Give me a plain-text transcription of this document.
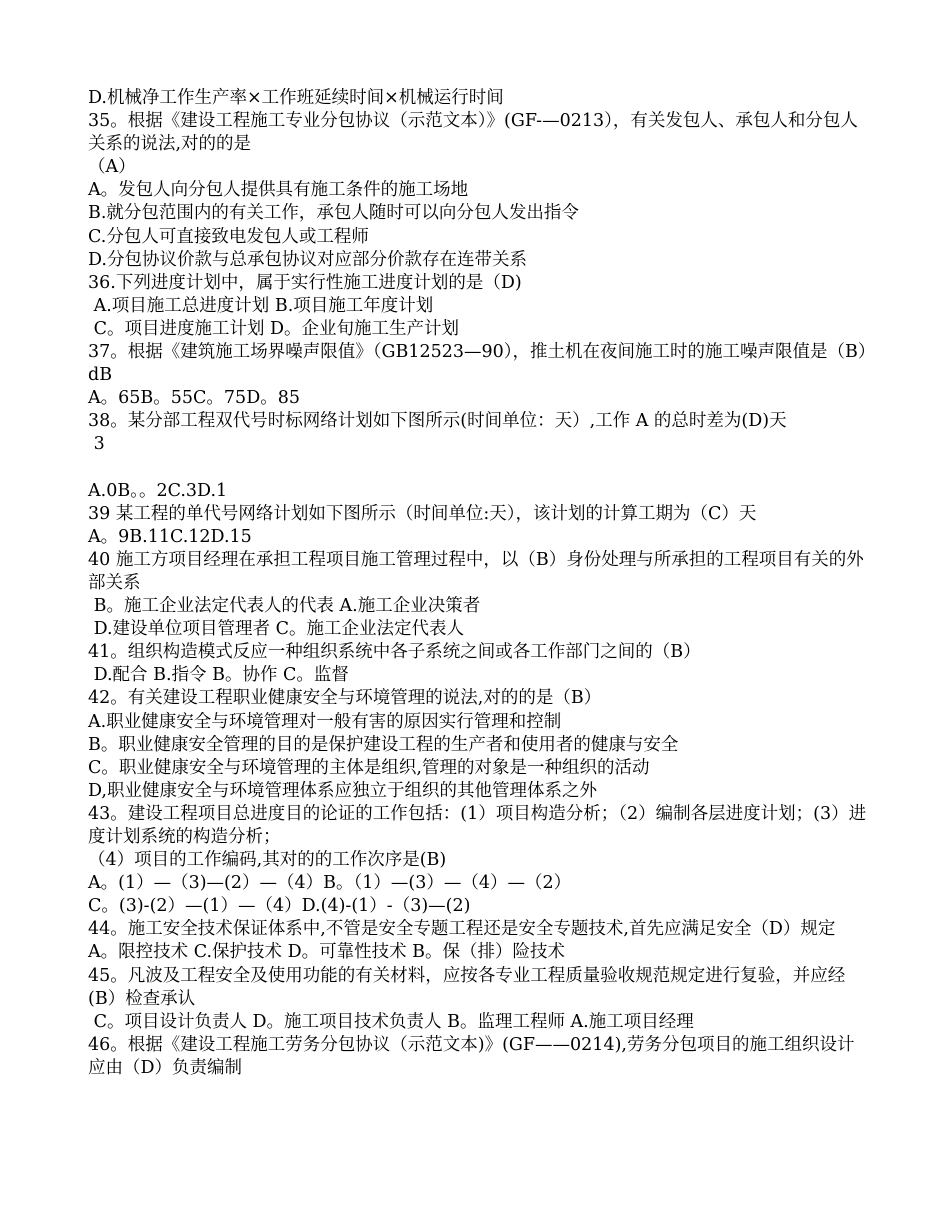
D.机械净工作生产率×工作班延续时间×机械运行时间
35。根据《建设工程施工专业分包协议（示范文本）》(GF-—0213），有关发包人、承包人和分包人关系的说法,对的的是
（A）
A。发包人向分包人提供具有施工条件的施工场地
B.就分包范围内的有关工作，承包人随时可以向分包人发出指令
C.分包人可直接致电发包人或工程师
D.分包协议价款与总承包协议对应部分价款存在连带关系
36.下列进度计划中，属于实行性施工进度计划的是（D)
A.项目施工总进度计划 B.项目施工年度计划
C。项目进度施工计划 D。企业旬施工生产计划
37。根据《建筑施工场界噪声限值》（GB12523—90），推土机在夜间施工时的施工噪声限值是（B）dB
A。65B。55C。75D。85
38。某分部工程双代号时标网络计划如下图所示(时间单位：天）,工作 A 的总时差为(D)天
3
A.0B。。2C.3D.1
39 某工程的单代号网络计划如下图所示（时间单位:天），该计划的计算工期为（C）天
A。9B.11C.12D.15
40 施工方项目经理在承担工程项目施工管理过程中，以（B）身份处理与所承担的工程项目有关的外部关系
B。施工企业法定代表人的代表 A.施工企业决策者
D.建设单位项目管理者 C。施工企业法定代表人
41。组织构造模式反应一种组织系统中各子系统之间或各工作部门之间的（B）
D.配合 B.指令 B。协作 C。监督
42。有关建设工程职业健康安全与环境管理的说法,对的的是（B）
A.职业健康安全与环境管理对一般有害的原因实行管理和控制
B。职业健康安全管理的目的是保护建设工程的生产者和使用者的健康与安全
C。职业健康安全与环境管理的主体是组织,管理的对象是一种组织的活动
D,职业健康安全与环境管理体系应独立于组织的其他管理体系之外
43。建设工程项目总进度目的论证的工作包括：(1）项目构造分析；（2）编制各层进度计划；(3）进度计划系统的构造分析；
（4）项目的工作编码,其对的的工作次序是(B)
A。(1）—（3)—(2）—（4）B。（1）—(3）—（4）—（2）
C。(3)-(2）—(1）—（4）D.(4)-(1）-（3)—(2)
44。施工安全技术保证体系中,不管是安全专题工程还是安全专题技术,首先应满足安全（D）规定
A。限控技术 C.保护技术 D。可靠性技术 B。保（排）险技术
45。凡波及工程安全及使用功能的有关材料，应按各专业工程质量验收规范规定进行复验，并应经(B）检查承认
C。项目设计负责人 D。施工项目技术负责人 B。监理工程师 A.施工项目经理
46。根据《建设工程施工劳务分包协议（示范文本)》(GF——0214),劳务分包项目的施工组织设计应由（D）负责编制
